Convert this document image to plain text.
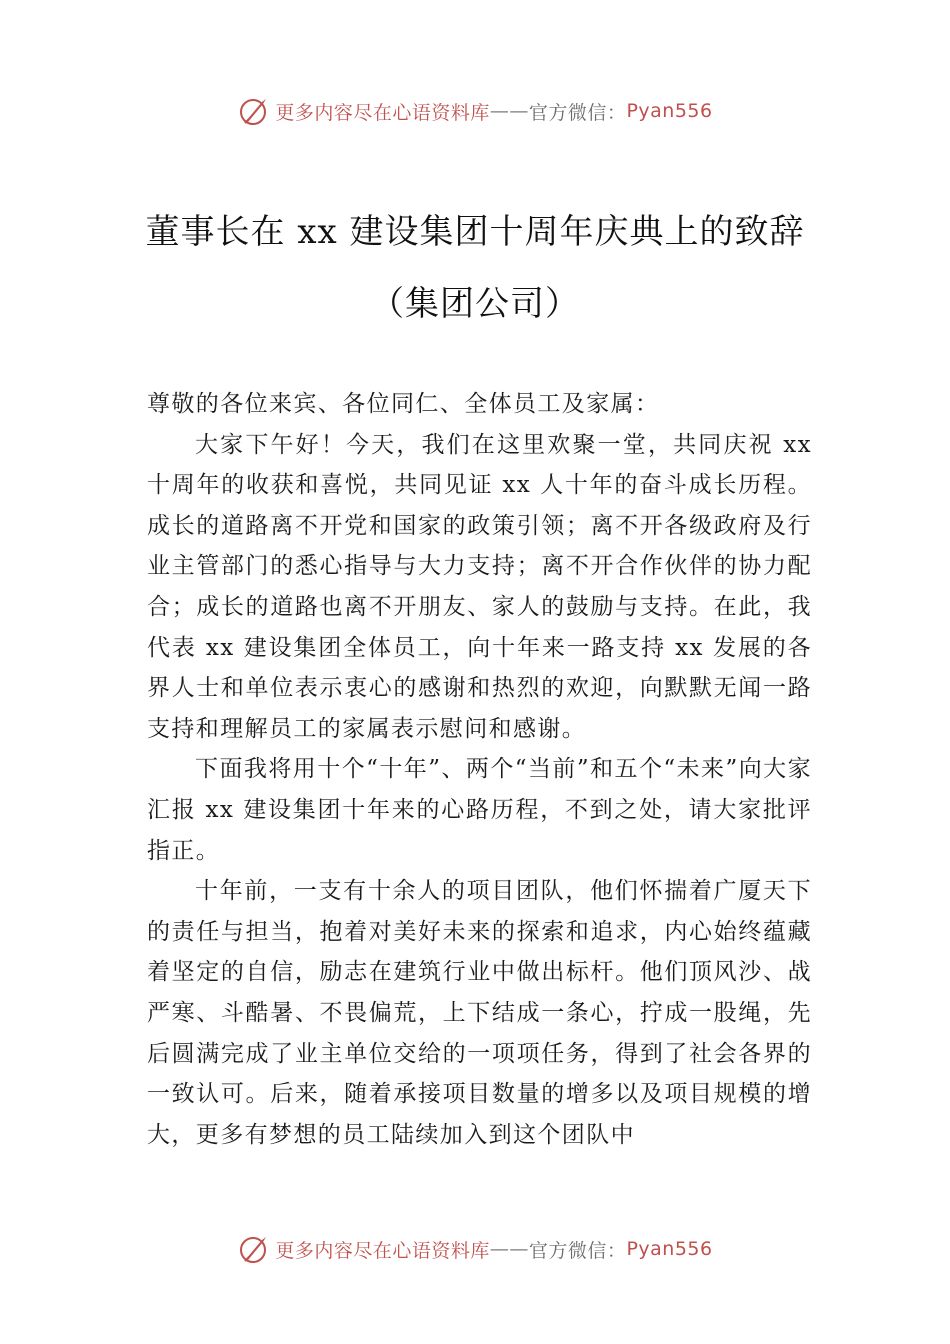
更多内容尽在心语资料库 —— 官方微信： Pyan556
董事长在 xx 建设集团十周年庆典上的致辞
（集团公司）

尊敬的各位来宾、各位同仁、全体员工及家属：

大家下午好！今天，我们在这里欢聚一堂，共同庆祝 xx 十周年的收获和喜悦，共同见证 xx 人十年的奋斗成长历程。成长的道路离不开党和国家的政策引领；离不开各级政府及行业主管部门的悉心指导与大力支持；离不开合作伙伴的协力配合；成长的道路也离不开朋友、家人的鼓励与支持。在此，我代表 xx 建设集团全体员工，向十年来一路支持 xx 发展的各界人士和单位表示衷心的感谢和热烈的欢迎，向默默无闻一路支持和理解员工的家属表示慰问和感谢。

下面我将用十个“十年”、两个“当前”和五个“未来”向大家汇报 xx 建设集团十年来的心路历程，不到之处，请大家批评指正。

十年前，一支有十余人的项目团队，他们怀揣着广厦天下的责任与担当，抱着对美好未来的探索和追求，内心始终蕴藏着坚定的自信，励志在建筑行业中做出标杆。他们顶风沙、战严寒、斗酷暑、不畏偏荒，上下结成一条心，拧成一股绳，先后圆满完成了业主单位交给的一项项任务，得到了社会各界的一致认可。后来，随着承接项目数量的增多以及项目规模的增大，更多有梦想的员工陆续加入到这个团队中

更多内容尽在心语资料库 —— 官方微信： Pyan556
